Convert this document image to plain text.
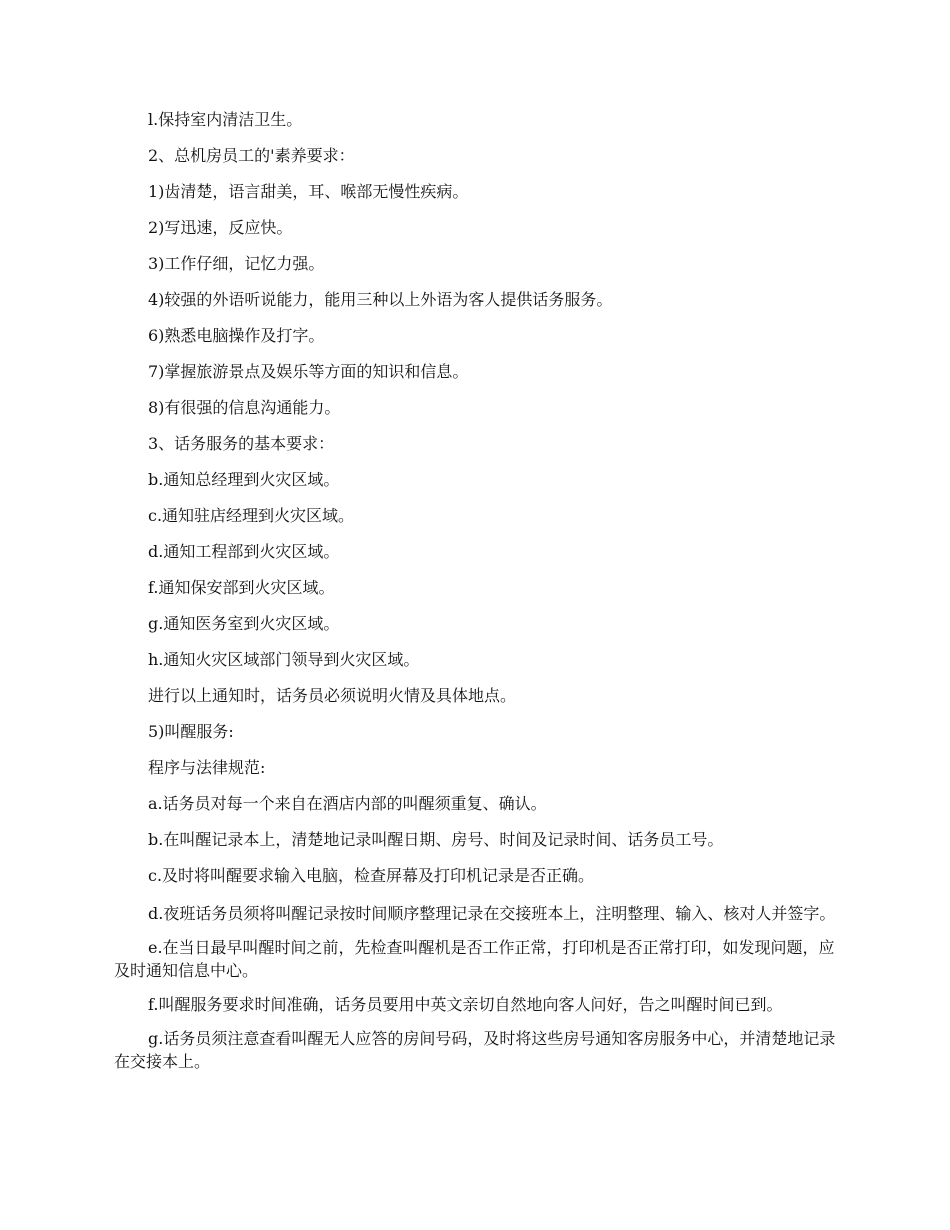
l.保持室内清洁卫生。

2、总机房员工的'素养要求：

1)齿清楚，语言甜美，耳、喉部无慢性疾病。

2)写迅速，反应快。

3)工作仔细，记忆力强。

4)较强的外语听说能力，能用三种以上外语为客人提供话务服务。

6)熟悉电脑操作及打字。

7)掌握旅游景点及娱乐等方面的知识和信息。

8)有很强的信息沟通能力。

3、话务服务的基本要求：

b.通知总经理到火灾区域。

c.通知驻店经理到火灾区域。

d.通知工程部到火灾区域。

f.通知保安部到火灾区域。

g.通知医务室到火灾区域。

h.通知火灾区域部门领导到火灾区域。

进行以上通知时，话务员必须说明火情及具体地点。

5)叫醒服务:

程序与法律规范:

a.话务员对每一个来自在酒店内部的叫醒须重复、确认。

b.在叫醒记录本上，清楚地记录叫醒日期、房号、时间及记录时间、话务员工号。

c.及时将叫醒要求输入电脑，检查屏幕及打印机记录是否正确。

d.夜班话务员须将叫醒记录按时间顺序整理记录在交接班本上，注明整理、输入、核对人并签字。

e.在当日最早叫醒时间之前，先检查叫醒机是否工作正常，打印机是否正常打印，如发现问题，应及时通知信息中心。

f.叫醒服务要求时间准确，话务员要用中英文亲切自然地向客人问好，告之叫醒时间已到。

g.话务员须注意查看叫醒无人应答的房间号码，及时将这些房号通知客房服务中心，并清楚地记录在交接本上。
